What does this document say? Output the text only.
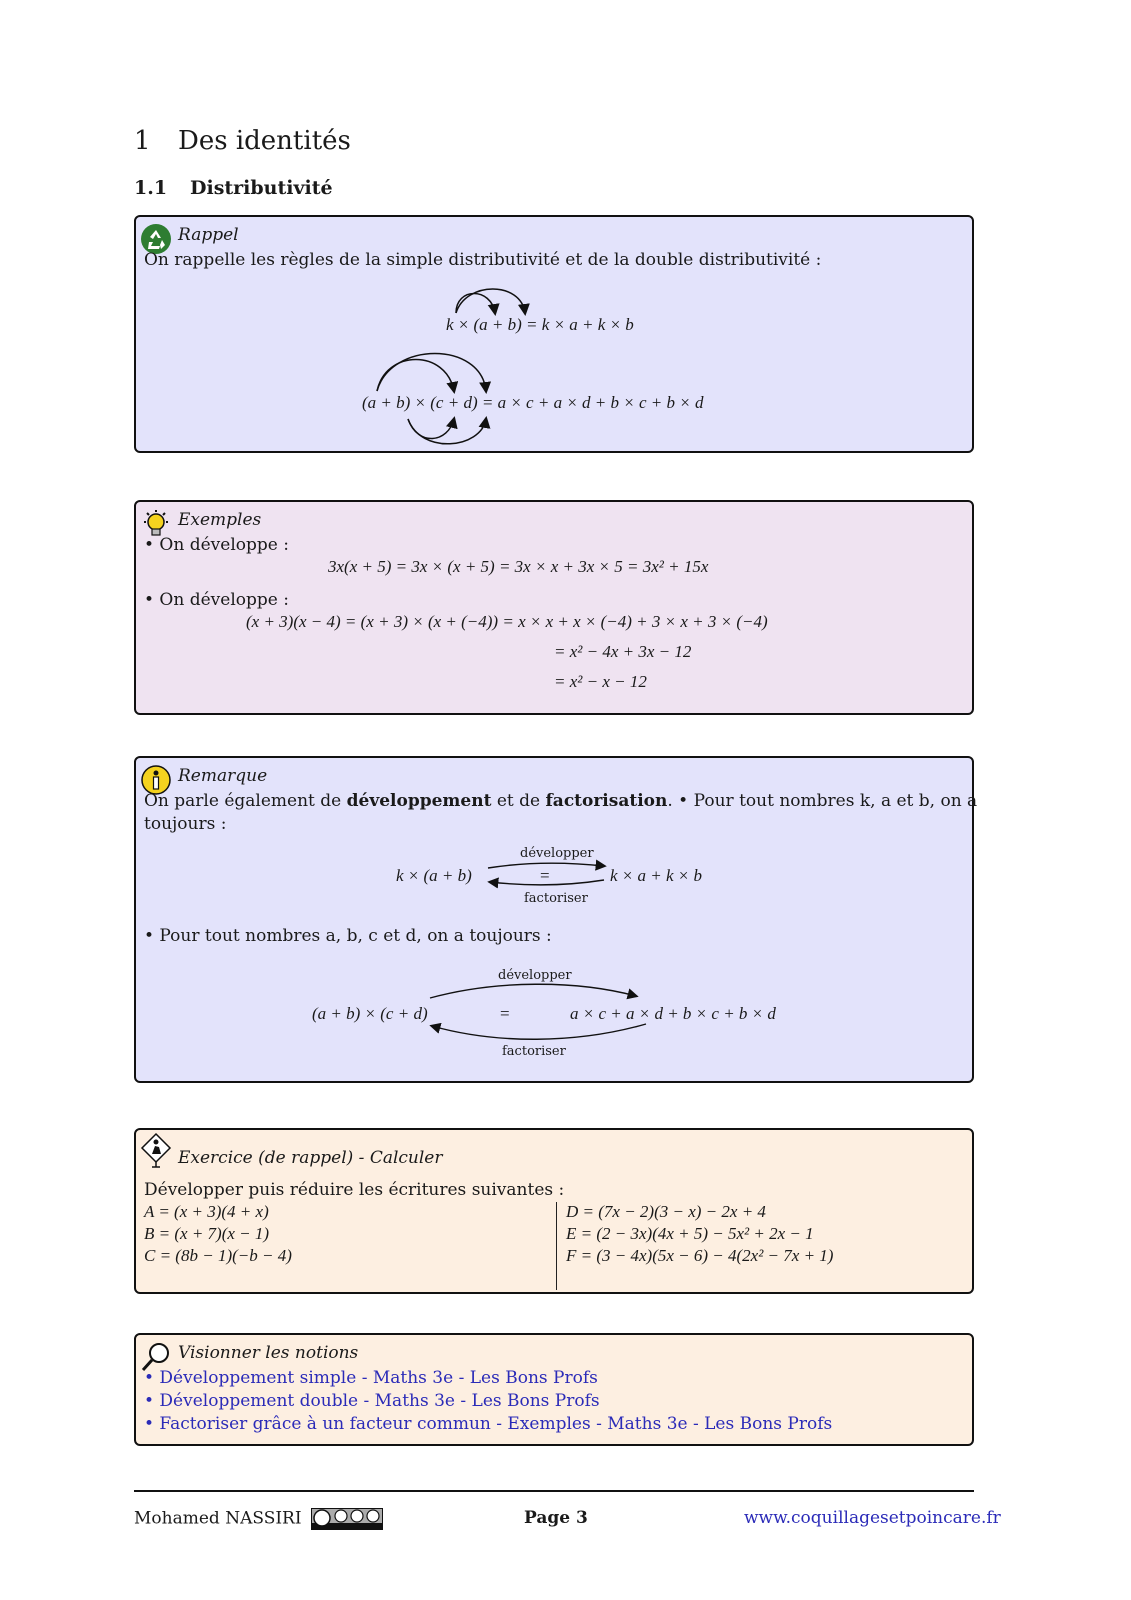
1 Des identités
1.1 Distributivité
Rappel
On rappelle les règles de la simple distributivité et de la double distributivité :
k × (a + b) = k × a + k × b
(a + b) × (c + d) = a × c + a × d + b × c + b × d
Exemples
• On développe :
3x(x + 5) = 3x × (x + 5) = 3x × x + 3x × 5 = 3x² + 15x
• On développe :
(x + 3)(x − 4) = (x + 3) × (x + (−4)) = x × x + x × (−4) + 3 × x + 3 × (−4)
= x² − 4x + 3x − 12
= x² − x − 12
Remarque
On parle également de développement et de factorisation. • Pour tout nombres k, a et b, on a
toujours :
développer
k × (a + b)	=	k × a + k × b
factoriser
• Pour tout nombres a, b, c et d, on a toujours :
développer
(a + b) × (c + d)	=	a × c + a × d + b × c + b × d
factoriser
Exercice (de rappel) - Calculer
Développer puis réduire les écritures suivantes :
A = (x + 3)(4 + x)
B = (x + 7)(x − 1)
C = (8b − 1)(−b − 4)
D = (7x − 2)(3 − x) − 2x + 4
E = (2 − 3x)(4x + 5) − 5x² + 2x − 1
F = (3 − 4x)(5x − 6) − 4(2x² − 7x + 1)
Visionner les notions
• Développement simple - Maths 3e - Les Bons Profs
• Développement double - Maths 3e - Les Bons Profs
• Factoriser grâce à un facteur commun - Exemples - Maths 3e - Les Bons Profs
Mohamed NASSIRI	Page 3	www.coquillagesetpoincare.fr
